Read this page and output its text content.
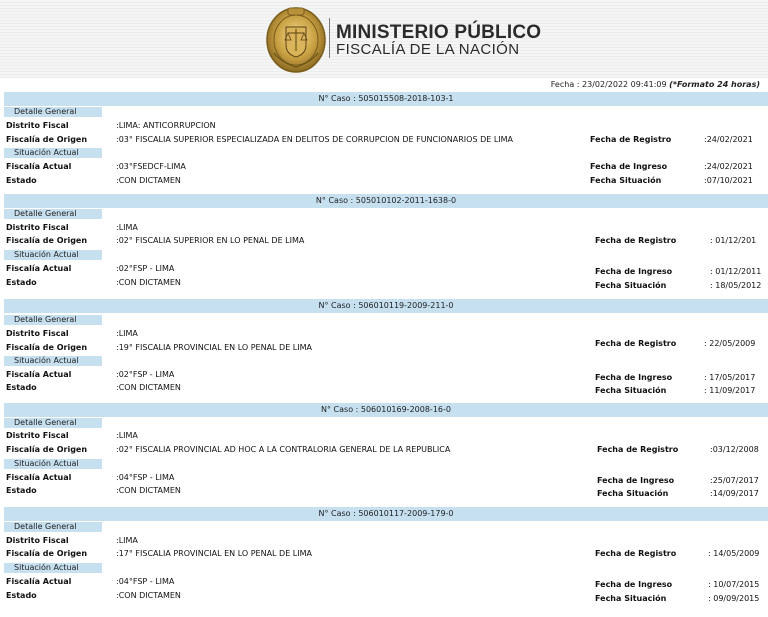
MINISTERIO PÚBLICO
FISCALÍA DE LA NACIÓN
Fecha : 23/02/2022 09:41:09 (*Formato 24 horas)
N° Caso : 505015508-2018-103-1
Detalle General
Distrito Fiscal	:LIMA: ANTICORRUPCION
Fiscalía de Origen	:03° FISCALIA SUPERIOR ESPECIALIZADA EN DELITOS DE CORRUPCION DE FUNCIONARIOS DE LIMA	Fecha de Registro	:24/02/2021
Situación Actual
Fiscalía Actual	:03°FSEDCF-LIMA	Fecha de Ingreso	:24/02/2021
Estado	:CON DICTAMEN	Fecha Situación	:07/10/2021
N° Caso : 505010102-2011-1638-0
Detalle General
Distrito Fiscal	:LIMA
Fiscalía de Origen	:02° FISCALIA SUPERIOR EN LO PENAL DE LIMA	Fecha de Registro	: 01/12/201
Situación Actual
Fiscalía Actual	:02°FSP - LIMA	Fecha de Ingreso	: 01/12/2011
Estado	:CON DICTAMEN	Fecha Situación	: 18/05/2012
N° Caso : 506010119-2009-211-0
Detalle General
Distrito Fiscal	:LIMA
Fiscalía de Origen	:19° FISCALIA PROVINCIAL EN LO PENAL DE LIMA	Fecha de Registro	: 22/05/2009
Situación Actual
Fiscalía Actual	:02°FSP - LIMA	Fecha de Ingreso	: 17/05/2017
Estado	:CON DICTAMEN	Fecha Situación	: 11/09/2017
N° Caso : 506010169-2008-16-0
Detalle General
Distrito Fiscal	:LIMA
Fiscalía de Origen	:02° FISCALIA PROVINCIAL AD HOC A LA CONTRALORIA GENERAL DE LA REPUBLICA	Fecha de Registro	:03/12/2008
Situación Actual
Fiscalía Actual	:04°FSP - LIMA	Fecha de Ingreso	:25/07/2017
Estado	:CON DICTAMEN	Fecha Situación	:14/09/2017
N° Caso : 506010117-2009-179-0
Detalle General
Distrito Fiscal	:LIMA
Fiscalía de Origen	:17° FISCALIA PROVINCIAL EN LO PENAL DE LIMA	Fecha de Registro	: 14/05/2009
Situación Actual
Fiscalía Actual	:04°FSP - LIMA	Fecha de Ingreso	: 10/07/2015
Estado	:CON DICTAMEN	Fecha Situación	: 09/09/2015
